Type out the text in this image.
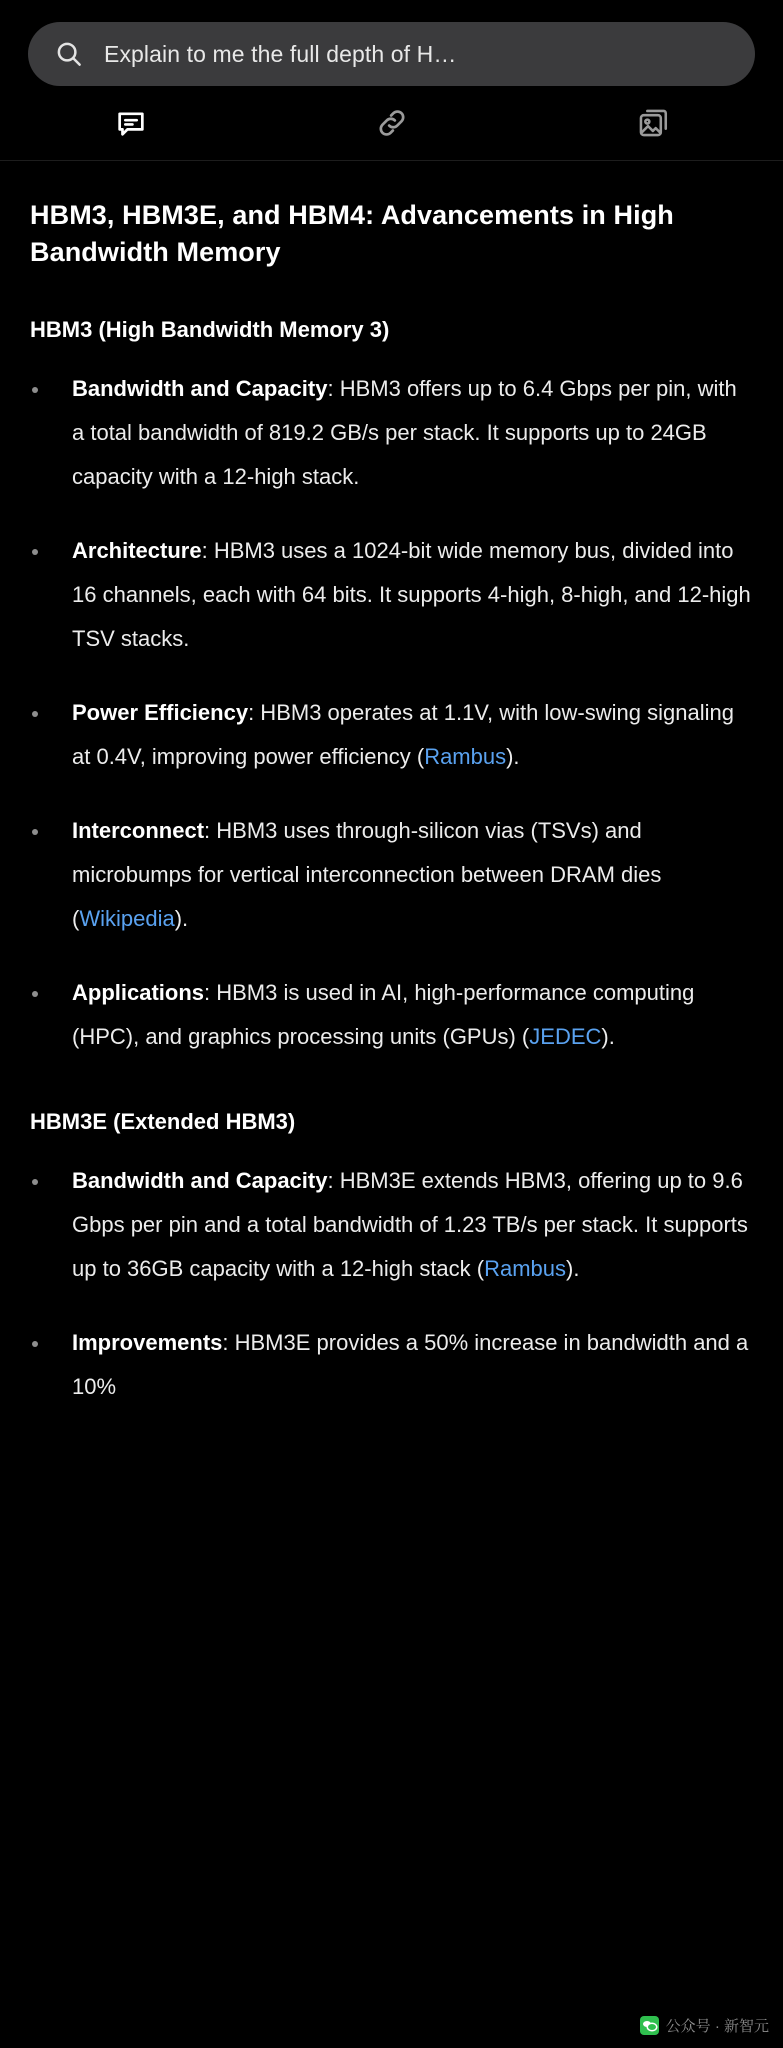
Explain to me the full depth of H…
HBM3, HBM3E, and HBM4: Advancements in High Bandwidth Memory
HBM3 (High Bandwidth Memory 3)
Bandwidth and Capacity: HBM3 offers up to 6.4 Gbps per pin, with a total bandwidth of 819.2 GB/s per stack. It supports up to 24GB capacity with a 12-high stack.
Architecture: HBM3 uses a 1024-bit wide memory bus, divided into 16 channels, each with 64 bits. It supports 4-high, 8-high, and 12-high TSV stacks.
Power Efficiency: HBM3 operates at 1.1V, with low-swing signaling at 0.4V, improving power efficiency (Rambus).
Interconnect: HBM3 uses through-silicon vias (TSVs) and microbumps for vertical interconnection between DRAM dies (Wikipedia).
Applications: HBM3 is used in AI, high-performance computing (HPC), and graphics processing units (GPUs) (JEDEC).
HBM3E (Extended HBM3)
Bandwidth and Capacity: HBM3E extends HBM3, offering up to 9.6 Gbps per pin and a total bandwidth of 1.23 TB/s per stack. It supports up to 36GB capacity with a 12-high stack (Rambus).
Improvements: HBM3E provides a 50% increase in bandwidth and a 10%
公众号 · 新智元
